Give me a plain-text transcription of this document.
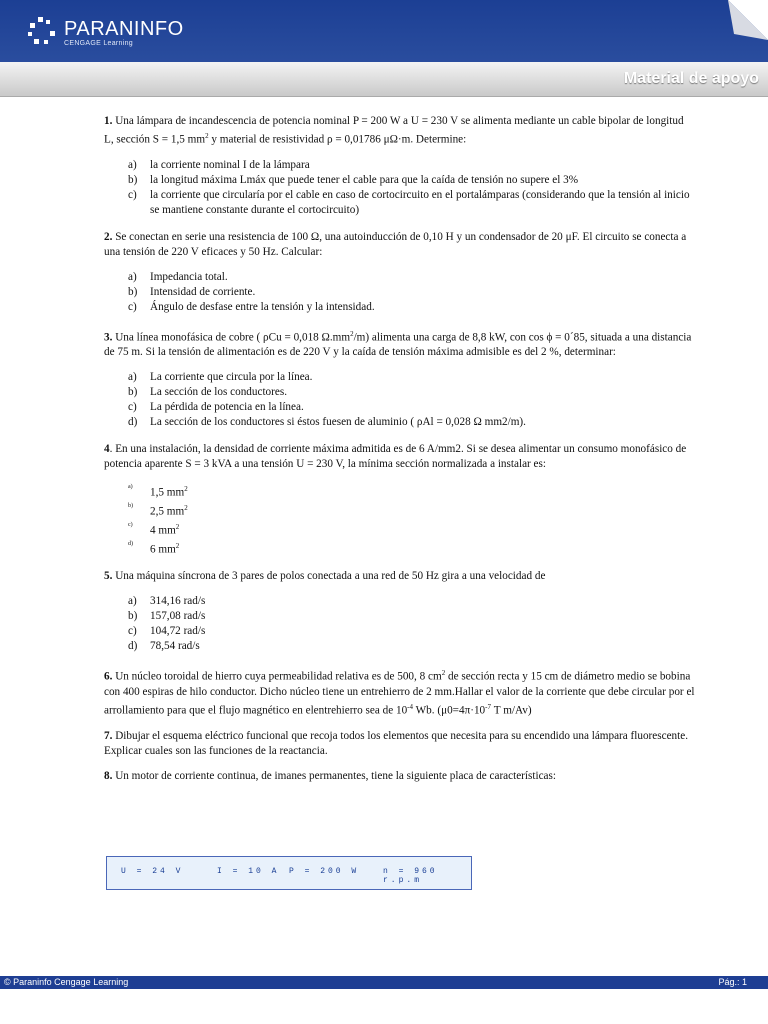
PARANINFO
CENGAGE Learning
Material de apoyo
1. Una lámpara de incandescencia de potencia nominal P = 200 W a U = 230 V se alimenta mediante un cable bipolar de longitud L, sección S = 1,5 $mm^2$ y material de resistividad ρ = 0,01786 μΩ·m. Determine:
a) la corriente nominal I de la lámpara
b) la longitud máxima Lmáx que puede tener el cable para que la caída de tensión no supere el 3%
c) la corriente que circularía por el cable en caso de cortocircuito en el portalámparas (considerando que la tensión al inicio se mantiene constante durante el cortocircuito)
2. Se conectan en serie una resistencia de 100 Ω, una autoinducción de 0,10 H y un condensador de 20 μF. El circuito se conecta a una tensión de 220 V eficaces y 50 Hz. Calcular:
a) Impedancia total.
b) Intensidad de corriente.
c) Ángulo de desfase entre la tensión y la intensidad.
3. Una línea monofásica de cobre ( ρCu = 0,018 $\Omega.mm^2/m$) alimenta una carga de 8,8 kW, con cos ϕ = 0´85, situada a una distancia de 75 m. Si la tensión de alimentación es de 220 V y la caída de tensión máxima admisible es del 2 %, determinar:
a) La corriente que circula por la línea.
b) La sección de los conductores.
c) La pérdida de potencia en la línea.
d) La sección de los conductores si éstos fuesen de aluminio ( ρAl = 0,028 Ω mm2/m).
4. En una instalación, la densidad de corriente máxima admitida es de 6 A/mm2. Si se desea alimentar un consumo monofásico de potencia aparente S = 3 kVA a una tensión U = 230 V, la mínima sección normalizada a instalar es:
a) 1,5 $mm^2$
b) 2,5 $mm^2$
c) 4 $mm^2$
d) 6 $mm^2$
5. Una máquina síncrona de 3 pares de polos conectada a una red de 50 Hz gira a una velocidad de
a) 314,16 rad/s
b) 157,08 rad/s
c) 104,72 rad/s
d) 78,54 rad/s
6. Un núcleo toroidal de hierro cuya permeabilidad relativa es de 500, 8 $cm^2$ de sección recta y 15 cm de diámetro medio se bobina con 400 espiras de hilo conductor. Dicho núcleo tiene un entrehierro de 2 mm.Hallar el valor de la corriente que debe circular por el arrollamiento para que el flujo magnético en elentrehierro sea de $10^{-4}$ Wb. ($\mu 0=4\pi\cdot 10^{-7}$ T m/Av)
7. Dibujar el esquema eléctrico funcional que recoja todos los elementos que necesita para su encendido una lámpara fluorescente. Explicar cuales son las funciones de la reactancia.
8. Un motor de corriente continua, de imanes permanentes, tiene la siguiente placa de características:
U = 24 V	I = 10 A P = 200 W	n = 960 r.p.m
© Paraninfo Cengage Learning	Pág.: 1
